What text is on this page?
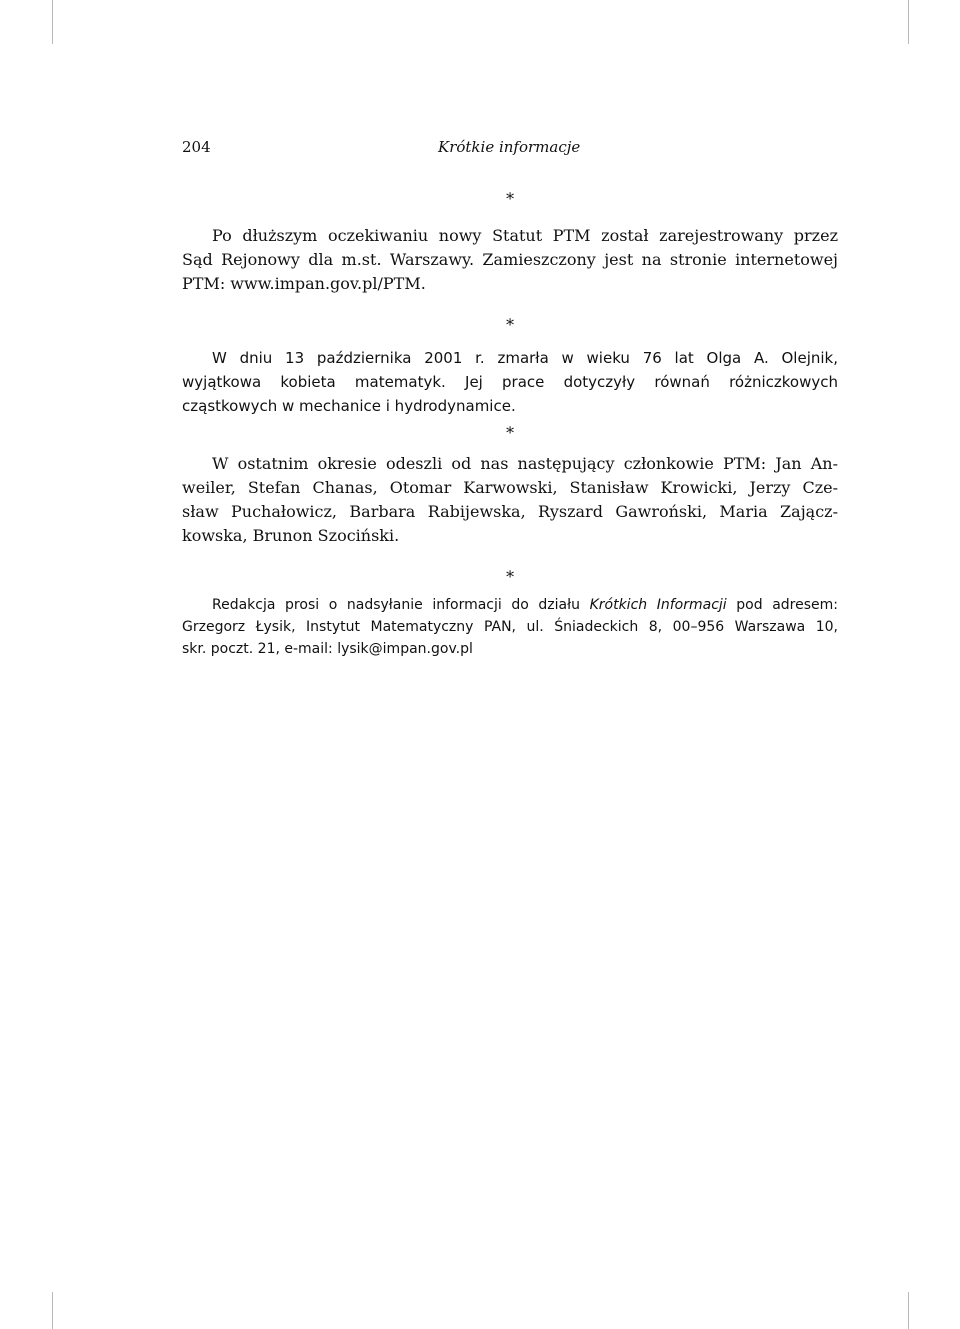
204	Krótkie informacje
∗
Po dłuższym oczekiwaniu nowy Statut PTM został zarejestrowany przez
Sąd Rejonowy dla m.st. Warszawy. Zamieszczony jest na stronie internetowej
PTM: www.impan.gov.pl/PTM.
∗
W dniu 13 października 2001 r. zmarła w wieku 76 lat Olga A. Olejnik,
wyjątkowa kobieta matematyk. Jej prace dotyczyły równań różniczkowych
cząstkowych w mechanice i hydrodynamice.
∗
W ostatnim okresie odeszli od nas następujący członkowie PTM: Jan An-
weiler, Stefan Chanas, Otomar Karwowski, Stanisław Krowicki, Jerzy Cze-
sław Puchałowicz, Barbara Rabijewska, Ryszard Gawroński, Maria Zającz-
kowska, Brunon Szociński.
∗
Redakcja prosi o nadsyłanie informacji do działu Krótkich Informacji pod adresem:
Grzegorz Łysik, Instytut Matematyczny PAN, ul. Śniadeckich 8, 00–956 Warszawa 10,
skr. poczt. 21, e-mail: lysik@impan.gov.pl
